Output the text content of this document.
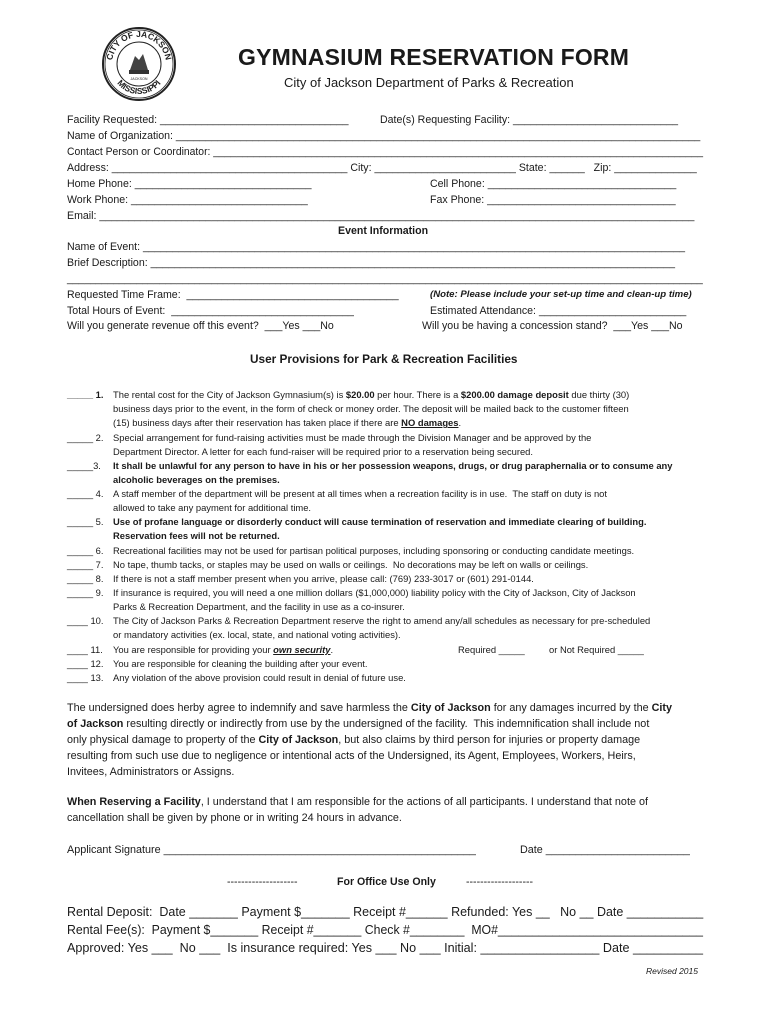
CITY OF JACKSON
MISSISSIPPI
JACKSON
GYMNASIUM RESERVATION FORM
City of Jackson Department of Parks & Recreation
Facility Requested: ________________________________	Date(s) Requesting Facility: ____________________________
Name of Organization: _________________________________________________________________________________________
Contact Person or Coordinator: _____________________________________________________________________________________
Address: ________________________________________ City: ________________________ State: ______   Zip: ______________
Home Phone: ______________________________	Cell Phone: ________________________________
Work Phone: ______________________________	Fax Phone: ________________________________
Email: _____________________________________________________________________________________________________
Event Information
Name of Event: ____________________________________________________________________________________________
Brief Description: _________________________________________________________________________________________
______________________________________________________________________________________________________________
Requested Time Frame:  ____________________________________	(Note: Please include your set-up time and clean-up time)
Total Hours of Event:  _______________________________	Estimated Attendance: _________________________
Will you generate revenue off this event?  ___Yes ___No	Will you be having a concession stand?  ___Yes ___No
User Provisions for Park & Recreation Facilities
_____ 1. The rental cost for the City of Jackson Gymnasium(s) is $20.00 per hour. There is a $200.00 damage deposit due thirty (30)
business days prior to the event, in the form of check or money order. The deposit will be mailed back to the customer fifteen
(15) business days after their reservation has taken place if there are NO damages.
_____ 2. Special arrangement for fund-raising activities must be made through the Division Manager and be approved by the
Department Director. A letter for each fund-raiser will be required prior to a reservation being secured.
_____3. It shall be unlawful for any person to have in his or her possession weapons, drugs, or drug paraphernalia or to consume any
alcoholic beverages on the premises.
_____ 4. A staff member of the department will be present at all times when a recreation facility is in use.  The staff on duty is not
allowed to take any payment for additional time.
_____ 5. Use of profane language or disorderly conduct will cause termination of reservation and immediate clearing of building.
Reservation fees will not be returned.
_____ 6. Recreational facilities may not be used for partisan political purposes, including sponsoring or conducting candidate meetings.
_____ 7. No tape, thumb tacks, or staples may be used on walls or ceilings.  No decorations may be left on walls or ceilings.
_____ 8. If there is not a staff member present when you arrive, please call: (769) 233-3017 or (601) 291-0144.
_____ 9. If insurance is required, you will need a one million dollars ($1,000,000) liability policy with the City of Jackson, City of Jackson
Parks & Recreation Department, and the facility in use as a co-insurer.
____ 10. The City of Jackson Parks & Recreation Department reserve the right to amend any/all schedules as necessary for pre-scheduled
or mandatory activities (ex. local, state, and national voting activities).
____ 11. You are responsible for providing your own security.	Required _____	or Not Required _____
____ 12. You are responsible for cleaning the building after your event.
____ 13. Any violation of the above provision could result in denial of future use.
The undersigned does herby agree to indemnify and save harmless the City of Jackson for any damages incurred by the City
of Jackson resulting directly or indirectly from use by the undersigned of the facility.  This indemnification shall include not
only physical damage to property of the City of Jackson, but also claims by third person for injuries or property damage
resulting from such use due to negligence or intentional acts of the Undersigned, its Agent, Employees, Workers, Heirs,
Invitees, Administrators or Assigns.
When Reserving a Facility, I understand that I am responsible for the actions of all participants. I understand that note of
cancellation shall be given by phone or in writing 24 hours in advance.
Applicant Signature ____________________________________________________	Date ________________________
--------------------	For Office Use Only	-------------------
Rental Deposit:  Date _______ Payment $_______ Receipt #______ Refunded: Yes __   No __ Date ___________
Rental Fee(s):  Payment $_______ Receipt #_______ Check #________  MO#______________________________
Approved: Yes ___  No ___  Is insurance required: Yes ___ No ___ Initial: _________________ Date __________
Revised 2015
